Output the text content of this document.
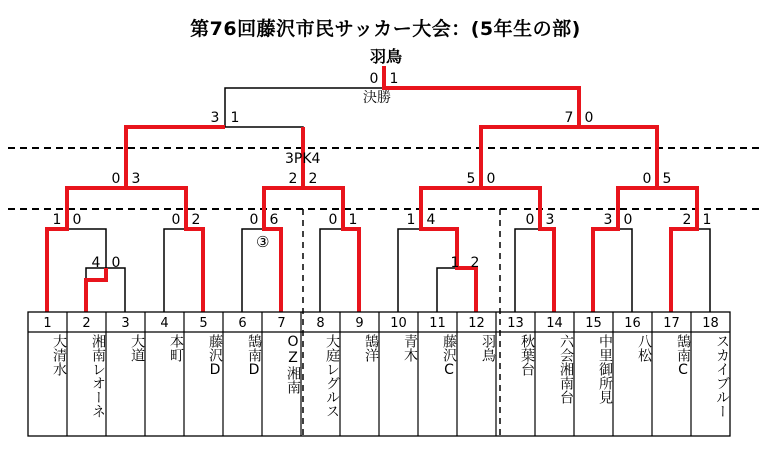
第76回藤沢市民サッカー大会：(5年生の部)
羽鳥
決勝
3PK4
③
0 1
3 1	7 0
0 3	2 2	5 0	0 5
1 0	0 2	0 6	0 1	1 4	0 3	3 0	2 1
4 0	1 2
1
大清水
2
湘南レオーネ
3
大道
4
本町
5
藤沢D
6
鵠南D
7
OZ湘南
8
大庭レグルス
9
鵠洋
10
青木
11
藤沢C
12
羽鳥
13
秋葉台
14
六会湘南台
15
中里御所見
16
八松
17
鵠南C
18
スカイブルー
